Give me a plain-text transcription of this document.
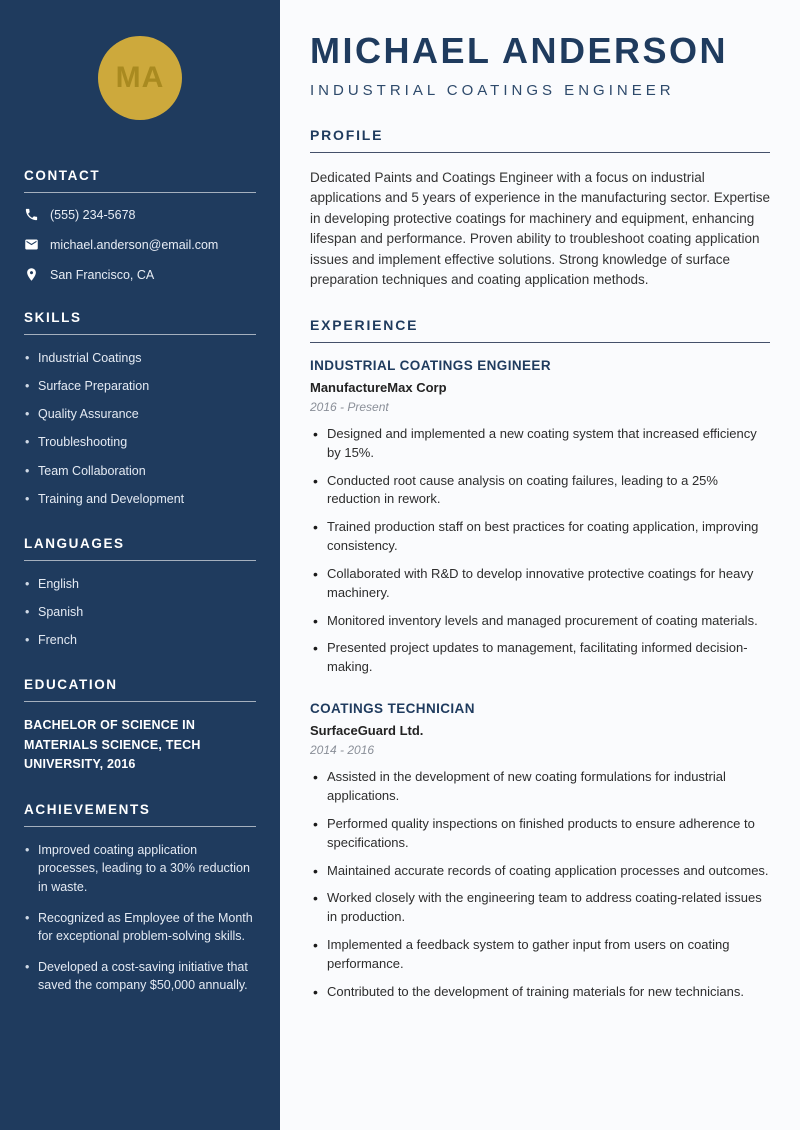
MA
CONTACT
(555) 234-5678
michael.anderson@email.com
San Francisco, CA
SKILLS
• Industrial Coatings
• Surface Preparation
• Quality Assurance
• Troubleshooting
• Team Collaboration
• Training and Development
LANGUAGES
• English
• Spanish
• French
EDUCATION

BACHELOR OF SCIENCE IN MATERIALS SCIENCE, TECH UNIVERSITY, 2016

ACHIEVEMENTS
• Improved coating application processes, leading to a 30% reduction in waste.
• Recognized as Employee of the Month for exceptional problem-solving skills.
• Developed a cost-saving initiative that saved the company $50,000 annually.
MICHAEL ANDERSON
INDUSTRIAL COATINGS ENGINEER
PROFILE

Dedicated Paints and Coatings Engineer with a focus on industrial applications and 5 years of experience in the manufacturing sector. Expertise in developing protective coatings for machinery and equipment, enhancing lifespan and performance. Proven ability to troubleshoot coating application issues and implement effective solutions. Strong knowledge of surface preparation techniques and coating application methods.

EXPERIENCE
INDUSTRIAL COATINGS ENGINEER
ManufactureMax Corp
2016 - Present
• Designed and implemented a new coating system that increased efficiency by 15%.
• Conducted root cause analysis on coating failures, leading to a 25% reduction in rework.
• Trained production staff on best practices for coating application, improving consistency.
• Collaborated with R&D to develop innovative protective coatings for heavy machinery.
• Monitored inventory levels and managed procurement of coating materials.
• Presented project updates to management, facilitating informed decision-making.
COATINGS TECHNICIAN
SurfaceGuard Ltd.
2014 - 2016
• Assisted in the development of new coating formulations for industrial applications.
• Performed quality inspections on finished products to ensure adherence to specifications.
• Maintained accurate records of coating application processes and outcomes.
• Worked closely with the engineering team to address coating-related issues in production.
• Implemented a feedback system to gather input from users on coating performance.
• Contributed to the development of training materials for new technicians.
